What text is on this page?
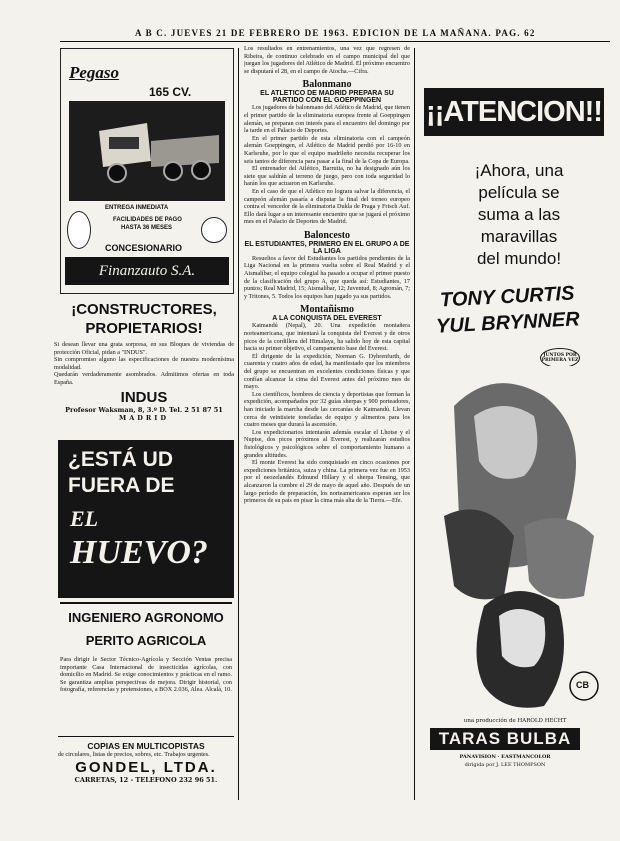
A B C. JUEVES 21 DE FEBRERO DE 1963. EDICION DE LA MAÑANA. PAG. 62
Pegaso
165 CV.
ENTREGA INMEDIATA
FACILIDADES DE PAGO
HASTA 36 MESES
CONCESIONARIO
Finanzauto S.A.
¡CONSTRUCTORES,
PROPIETARIOS!
Si desean llevar una grata sorpresa, en sus Bloques de viviendas de protección Oficial, pidan a "INDUS".
Sin compromiso alguno las especificaciones de nuestra modernísima modalidad.
Quedarán verdaderamente asombrados. Admitimos ofertas en toda España.
INDUS
Profesor Waksman, 8, 3.º D. Tel. 2 51 87 51
MADRID
¿ESTÁ UD
FUERA DE
EL
HUEVO?
INGENIERO AGRONOMO
PERITO AGRICOLA
Para dirigir le Sector Técnico-Agrícola y Sección Ventas precisa importante Casa Internacional de insecticidas agrícolas, con domicilio en Madrid. Se exige conocimientos y prácticas en el ramo. Se garantiza amplias perspectivas de mejora. Dirigir historial, con fotografía, referencias y pretensiones, a BOX 2.036, Alea. Alcalá, 10.
COPIAS EN MULTICOPISTAS
de circulares, listas de precios, sobres, etc. Trabajos urgentes.
GONDEL, LTDA.
CARRETAS, 12 - TELEFONO 232 96 51.
Los resultados en entrenamientos, una vez que regresen de Ribeira, de continuo celebrado en el campo municipal del que juegan los jugadores del Atlético de Madrid. El próximo encuentro se disputará el 28, en el campo de Atocha.—Cifra.
Balonmano
EL ATLETICO DE MADRID PREPARA SU PARTIDO CON EL GOEPPINGEN
Los jugadores de balonmano del Atlético de Madrid, que tienen el primer partido de la eliminatoria europea frente al Goeppingen alemán, se preparan con interés para el encuentro del domingo por la tarde en el Palacio de Deportes.
En el primer partido de esta eliminatoria con el campeón alemán Goeppingen, el Atlético de Madrid perdió por 16-10 en Karlsruhe, por lo que el equipo madrileño necesita recuperar los seis tantos de diferencia para pasar a la final de la Copa de Europa.
El entrenador del Atlético, Barrutia, no ha designado aún los siete que saldrán al terreno de juego, pero con toda seguridad lo harán los que actuaron en Karlsruhe.
En el caso de que el Atlético no lograra salvar la diferencia, el campeón alemán pasaría a disputar la final del torneo europeo contra el vencedor de la eliminatoria Dukla de Praga y Frisch Auf. Ello dará lugar a un interesante encuentro que se jugará el próximo mes en el Palacio de Deportes de Madrid.
Baloncesto
EL ESTUDIANTES, PRIMERO EN EL GRUPO A DE LA LIGA
Resueltos a favor del Estudiantes los partidos pendientes de la Liga Nacional en la primera vuelta sobre el Real Madrid y el Aismalíbar, el equipo colegial ha pasado a ocupar el primer puesto de la clasificación del grupo A, que queda así: Estudiantes, 17 puntos; Real Madrid, 15; Aismalíbar, 12; Juventud, 8; Agromán, 7; y Tritones, 5. Todos los equipos han jugado ya sus partidos.
Montañismo
A LA CONQUISTA DEL EVEREST
Katmandú (Nepal), 20. Una expedición montañera norteamericana, que intentará la conquista del Everest y de otros picos de la cordillera del Himalaya, ha salido hoy de esta capital hacia su primer objetivo, el campamento base del Everest.
El dirigente de la expedición, Norman G. Dyhrenfurth, de cuarenta y cuatro años de edad, ha manifestado que los miembros del grupo se encuentran en excelentes condiciones físicas y que confían alcanzar la cima del Everest antes del próximo mes de mayo.
Los científicos, hombres de ciencia y deportistas que forman la expedición, acompañados por 32 guías sherpas y 900 porteadores, han iniciado la marcha desde las cercanías de Katmandú. Llevan cerca de veintisiete toneladas de equipo y alimentos para los cuatro meses que durará la ascensión.
Los expedicionarios intentarán además escalar el Lhotse y el Nuptse, dos picos próximos al Everest, y realizarán estudios fisiológicos y psicológicos sobre el comportamiento humano a grandes altitudes.
El monte Everest ha sido conquistado en cinco ocasiones por expediciones británica, suiza y china. La primera vez fue en 1953 por el neozelandés Edmund Hillary y el sherpa Tensing, que alcanzaron la cumbre el 29 de mayo de aquel año. Después de un largo período de preparación, los norteamericanos esperan ser los primeros de su país en pisar la cima más alta de la Tierra.—Efe.
¡¡ATENCION!!
¡Ahora, una
película se
suma a las
maravillas
del mundo!
TONY CURTIS
YUL BRYNNER
JUNTOS POR PRIMERA VEZ
CB
una producción de HAROLD HECHT
TARAS BULBA
PANAVISION · EASTMANCOLOR
dirigida por J. LEE THOMPSON
